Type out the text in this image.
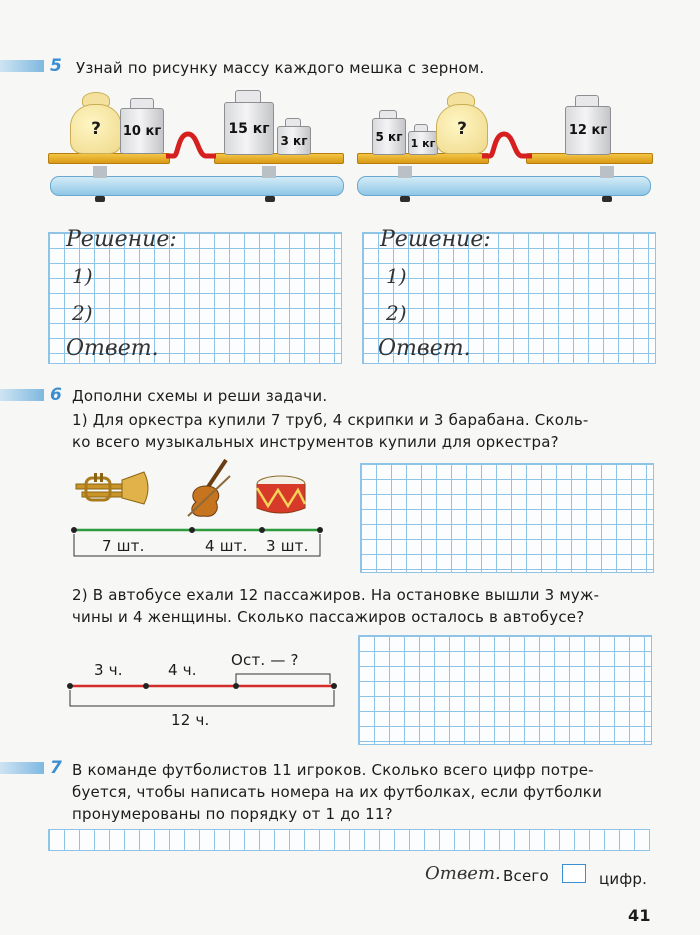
5 Узнай по рисунку массу каждого мешка с зерном.
? 10 кг	15 кг
3 кг	5 кг 1 кг
?	12 кг
Решение:
1)
2)
Ответ.
Решение:
1)
2)
Ответ.
6 Дополни схемы и реши задачи.
1) Для оркестра купили 7 труб, 4 скрипки и 3 барабана. Сколь-
ко всего музыкальных инструментов купили для оркестра?
7 шт.	4 шт. 3 шт.
2) В автобусе ехали 12 пассажиров. На остановке вышли 3 муж-
чины и 4 женщины. Сколько пассажиров осталось в автобусе?
3 ч.	4 ч.
Ост. — ?
12 ч.
7 В команде футболистов 11 игроков. Сколько всего цифр потре-
буется, чтобы написать номера на их футболках, если футболки
пронумерованы по порядку от 1 до 11?
Ответ. Всего	цифр.
41
